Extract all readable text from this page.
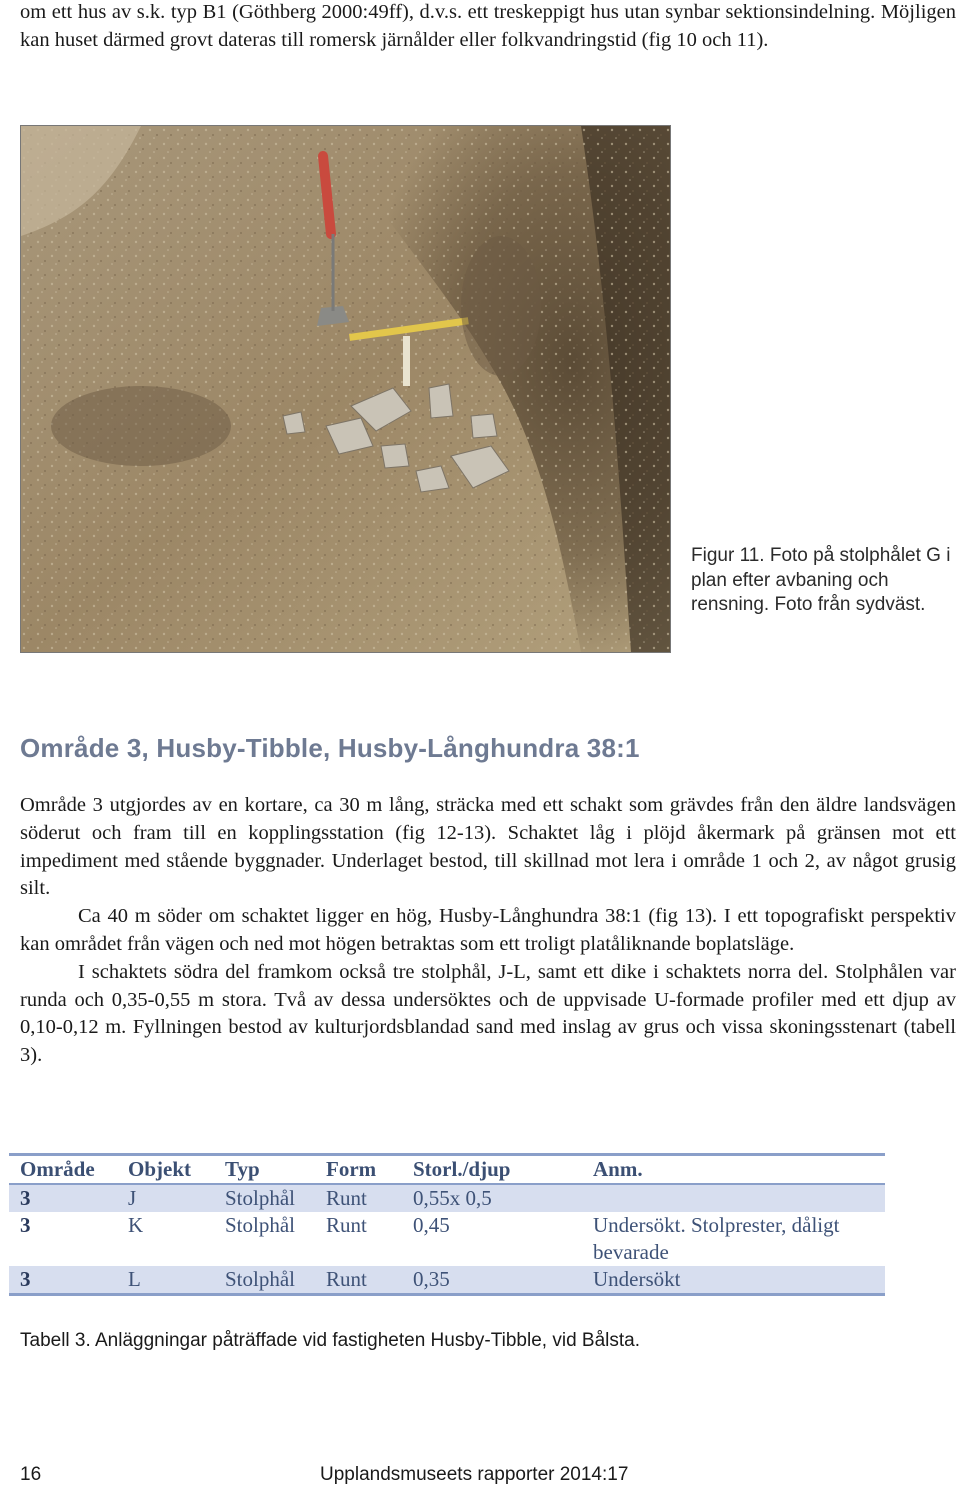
om ett hus av s.k. typ B1 (Göthberg 2000:49ff), d.v.s. ett treskeppigt hus utan synbar sektionsindelning. Möjligen kan huset därmed grovt dateras till romersk järnålder eller folkvandringstid (fig 10 och 11).

Figur 11. Foto på stolphålet G i plan efter avbaning och rensning. Foto från sydväst.
Område 3, Husby-Tibble, Husby-Långhundra 38:1

Område 3 utgjordes av en kortare, ca 30 m lång, sträcka med ett schakt som grävdes från den äldre landsvägen söderut och fram till en kopplingsstation (fig 12-13). Schaktet låg i plöjd åkermark på gränsen mot ett impediment med stående byggnader. Underlaget bestod, till skillnad mot lera i område 1 och 2, av något grusig silt.

Ca 40 m söder om schaktet ligger en hög, Husby-Långhundra 38:1 (fig 13). I ett topografiskt perspektiv kan området från vägen och ned mot högen betraktas som ett troligt platåliknande boplatsläge.

I schaktets södra del framkom också tre stolphål, J-L, samt ett dike i schaktets norra del. Stolphålen var runda och 0,35-0,55 m stora. Två av dessa undersöktes och de uppvisade U-formade profiler med ett djup av 0,10-0,12 m. Fyllningen bestod av kulturjordsblandad sand med inslag av grus och vissa skoningsstenart (tabell 3).

Område	Objekt	Typ	Form	Storl./djup	Anm.
3	J	Stolphål	Runt	0,55x 0,5	
3	K	Stolphål	Runt	0,45	Undersökt. Stolprester, dåligt bevarade
3	L	Stolphål	Runt	0,35	Undersökt
Tabell 3. Anläggningar påträffade vid fastigheten Husby-Tibble, vid Bålsta.
16	Upplandsmuseets rapporter 2014:17
